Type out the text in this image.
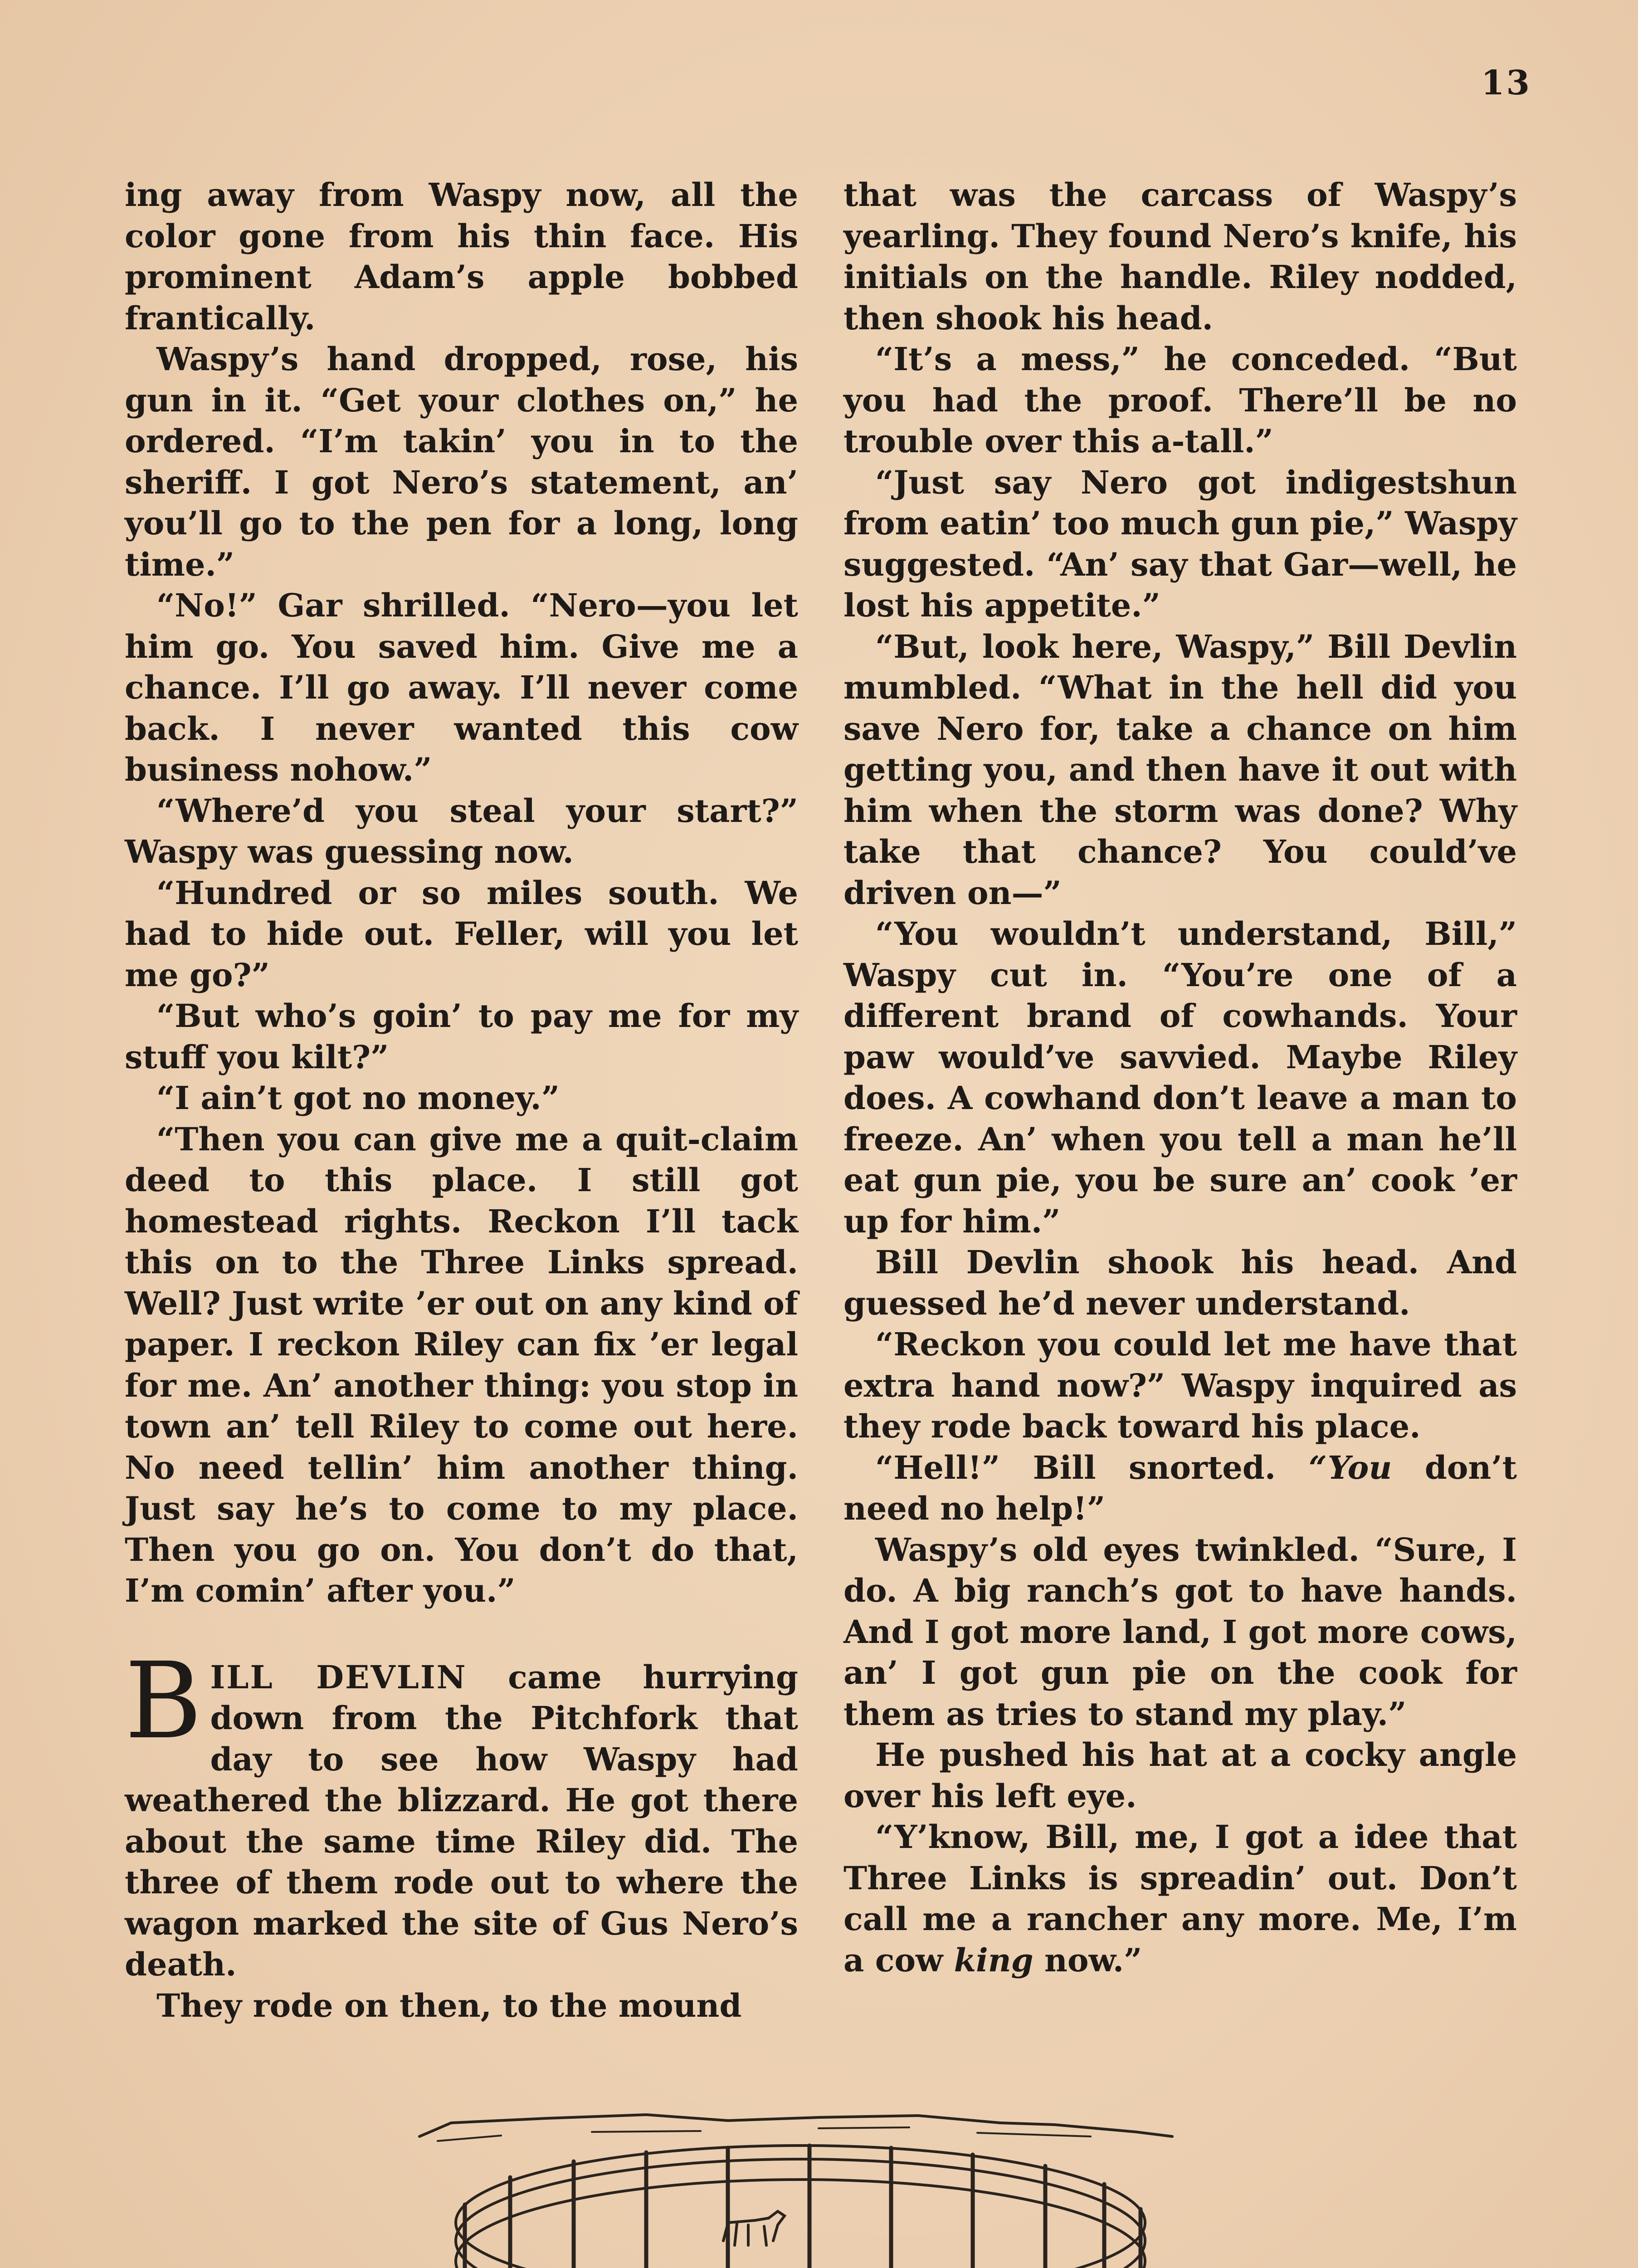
13

ing away from Waspy now, all the color gone from his thin face. His prominent Adam’s apple bobbed frantically.

Waspy’s hand dropped, rose, his gun in it. “Get your clothes on,” he ordered. “I’m takin’ you in to the sheriff. I got Nero’s statement, an’ you’ll go to the pen for a long, long time.”

“No!” Gar shrilled. “Nero—you let him go. You saved him. Give me a chance. I’ll go away. I’ll never come back. I never wanted this cow business nohow.”

“Where’d you steal your start?” Waspy was guessing now.

“Hundred or so miles south. We had to hide out. Feller, will you let me go?”

“But who’s goin’ to pay me for my stuff you kilt?”

“I ain’t got no money.”

“Then you can give me a quit-claim deed to this place. I still got homestead rights. Reckon I’ll tack this on to the Three Links spread. Well? Just write ’er out on any kind of paper. I reckon Riley can fix ’er legal for me. An’ another thing: you stop in town an’ tell Riley to come out here. No need tellin’ him another thing. Just say he’s to come to my place. Then you go on. You don’t do that, I’m comin’ after you.”

BILL DEVLIN came hurrying down from the Pitchfork that day to see how Waspy had weathered the blizzard. He got there about the same time Riley did. The three of them rode out to where the wagon marked the site of Gus Nero’s death.

They rode on then, to the mound

that was the carcass of Waspy’s yearling. They found Nero’s knife, his initials on the handle. Riley nodded, then shook his head.

“It’s a mess,” he conceded. “But you had the proof. There’ll be no trouble over this a-tall.”

“Just say Nero got indigestshun from eatin’ too much gun pie,” Waspy suggested. “An’ say that Gar—well, he lost his appetite.”

“But, look here, Waspy,” Bill Devlin mumbled. “What in the hell did you save Nero for, take a chance on him getting you, and then have it out with him when the storm was done? Why take that chance? You could’ve driven on—”

“You wouldn’t understand, Bill,” Waspy cut in. “You’re one of a different brand of cowhands. Your paw would’ve savvied. Maybe Riley does. A cowhand don’t leave a man to freeze. An’ when you tell a man he’ll eat gun pie, you be sure an’ cook ’er up for him.”

Bill Devlin shook his head. And guessed he’d never understand.

“Reckon you could let me have that extra hand now?” Waspy inquired as they rode back toward his place.

“Hell!” Bill snorted. “You don’t need no help!”

Waspy’s old eyes twinkled. “Sure, I do. A big ranch’s got to have hands. And I got more land, I got more cows, an’ I got gun pie on the cook for them as tries to stand my play.”

He pushed his hat at a cocky angle over his left eye.

“Y’know, Bill, me, I got a idee that Three Links is spreadin’ out. Don’t call me a rancher any more. Me, I’m a cow king now.”
